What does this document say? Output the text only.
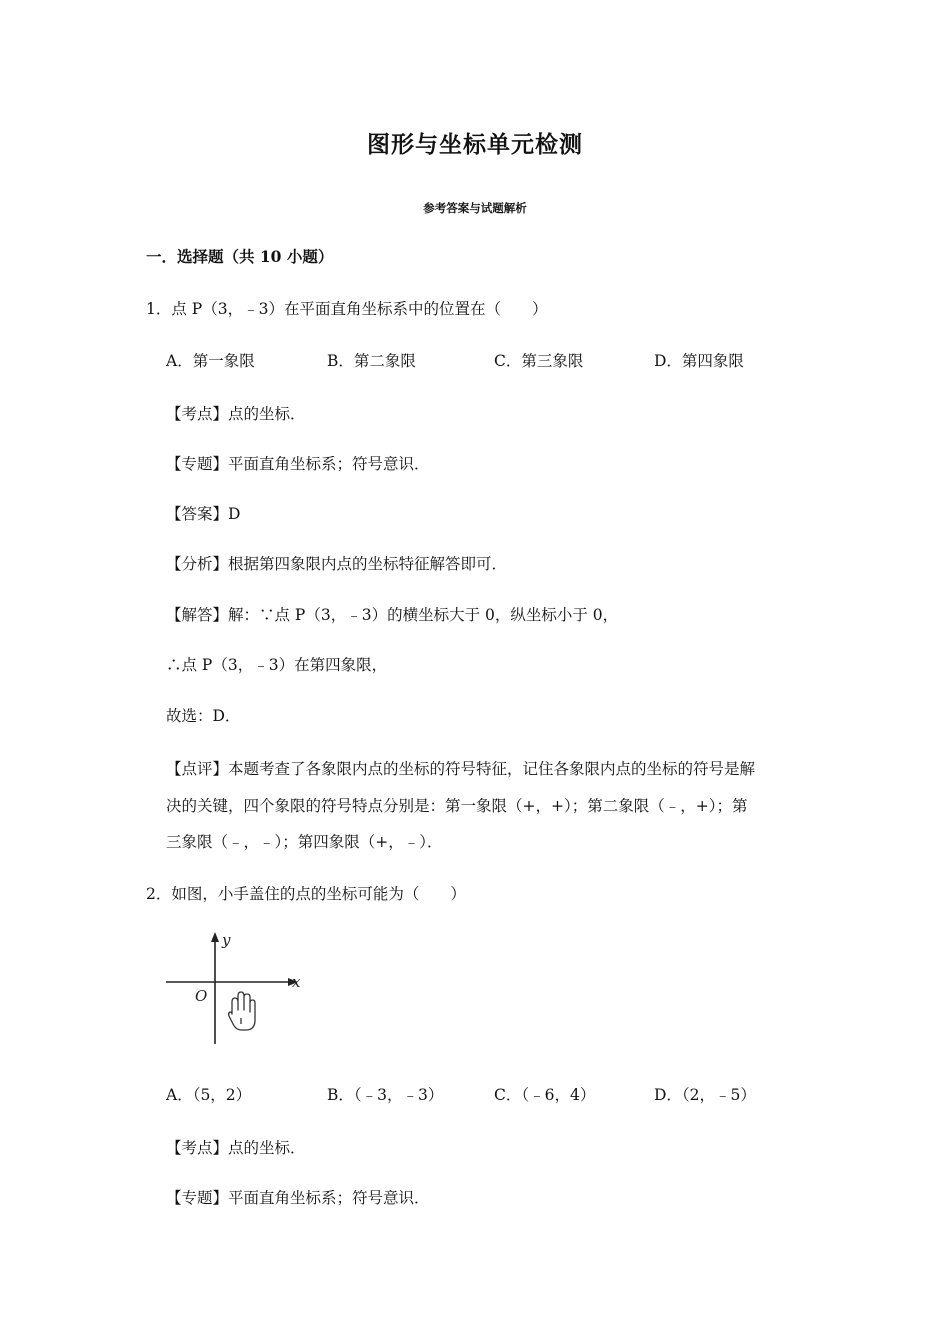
图形与坐标单元检测
参考答案与试题解析
一．选择题（共 10 小题）
1．点 P（3，﹣3）在平面直角坐标系中的位置在（　　）
A．第一象限	B．第二象限	C．第三象限	D．第四象限
【考点】点的坐标．
【专题】平面直角坐标系；符号意识．
【答案】D
【分析】根据第四象限内点的坐标特征解答即可．
【解答】解：∵点 P（3，﹣3）的横坐标大于 0，纵坐标小于 0，
∴点 P（3，﹣3）在第四象限，
故选：D．
【点评】本题考查了各象限内点的坐标的符号特征，记住各象限内点的坐标的符号是解
决的关键，四个象限的符号特点分别是：第一象限（+，+）；第二象限（﹣，+）；第
三象限（﹣，﹣）；第四象限（+，﹣）．
2．如图，小手盖住的点的坐标可能为（　　）
y
x
O
A．（5，2）	B．（﹣3，﹣3）	C．（﹣6，4）	D．（2，﹣5）
【考点】点的坐标．
【专题】平面直角坐标系；符号意识．
